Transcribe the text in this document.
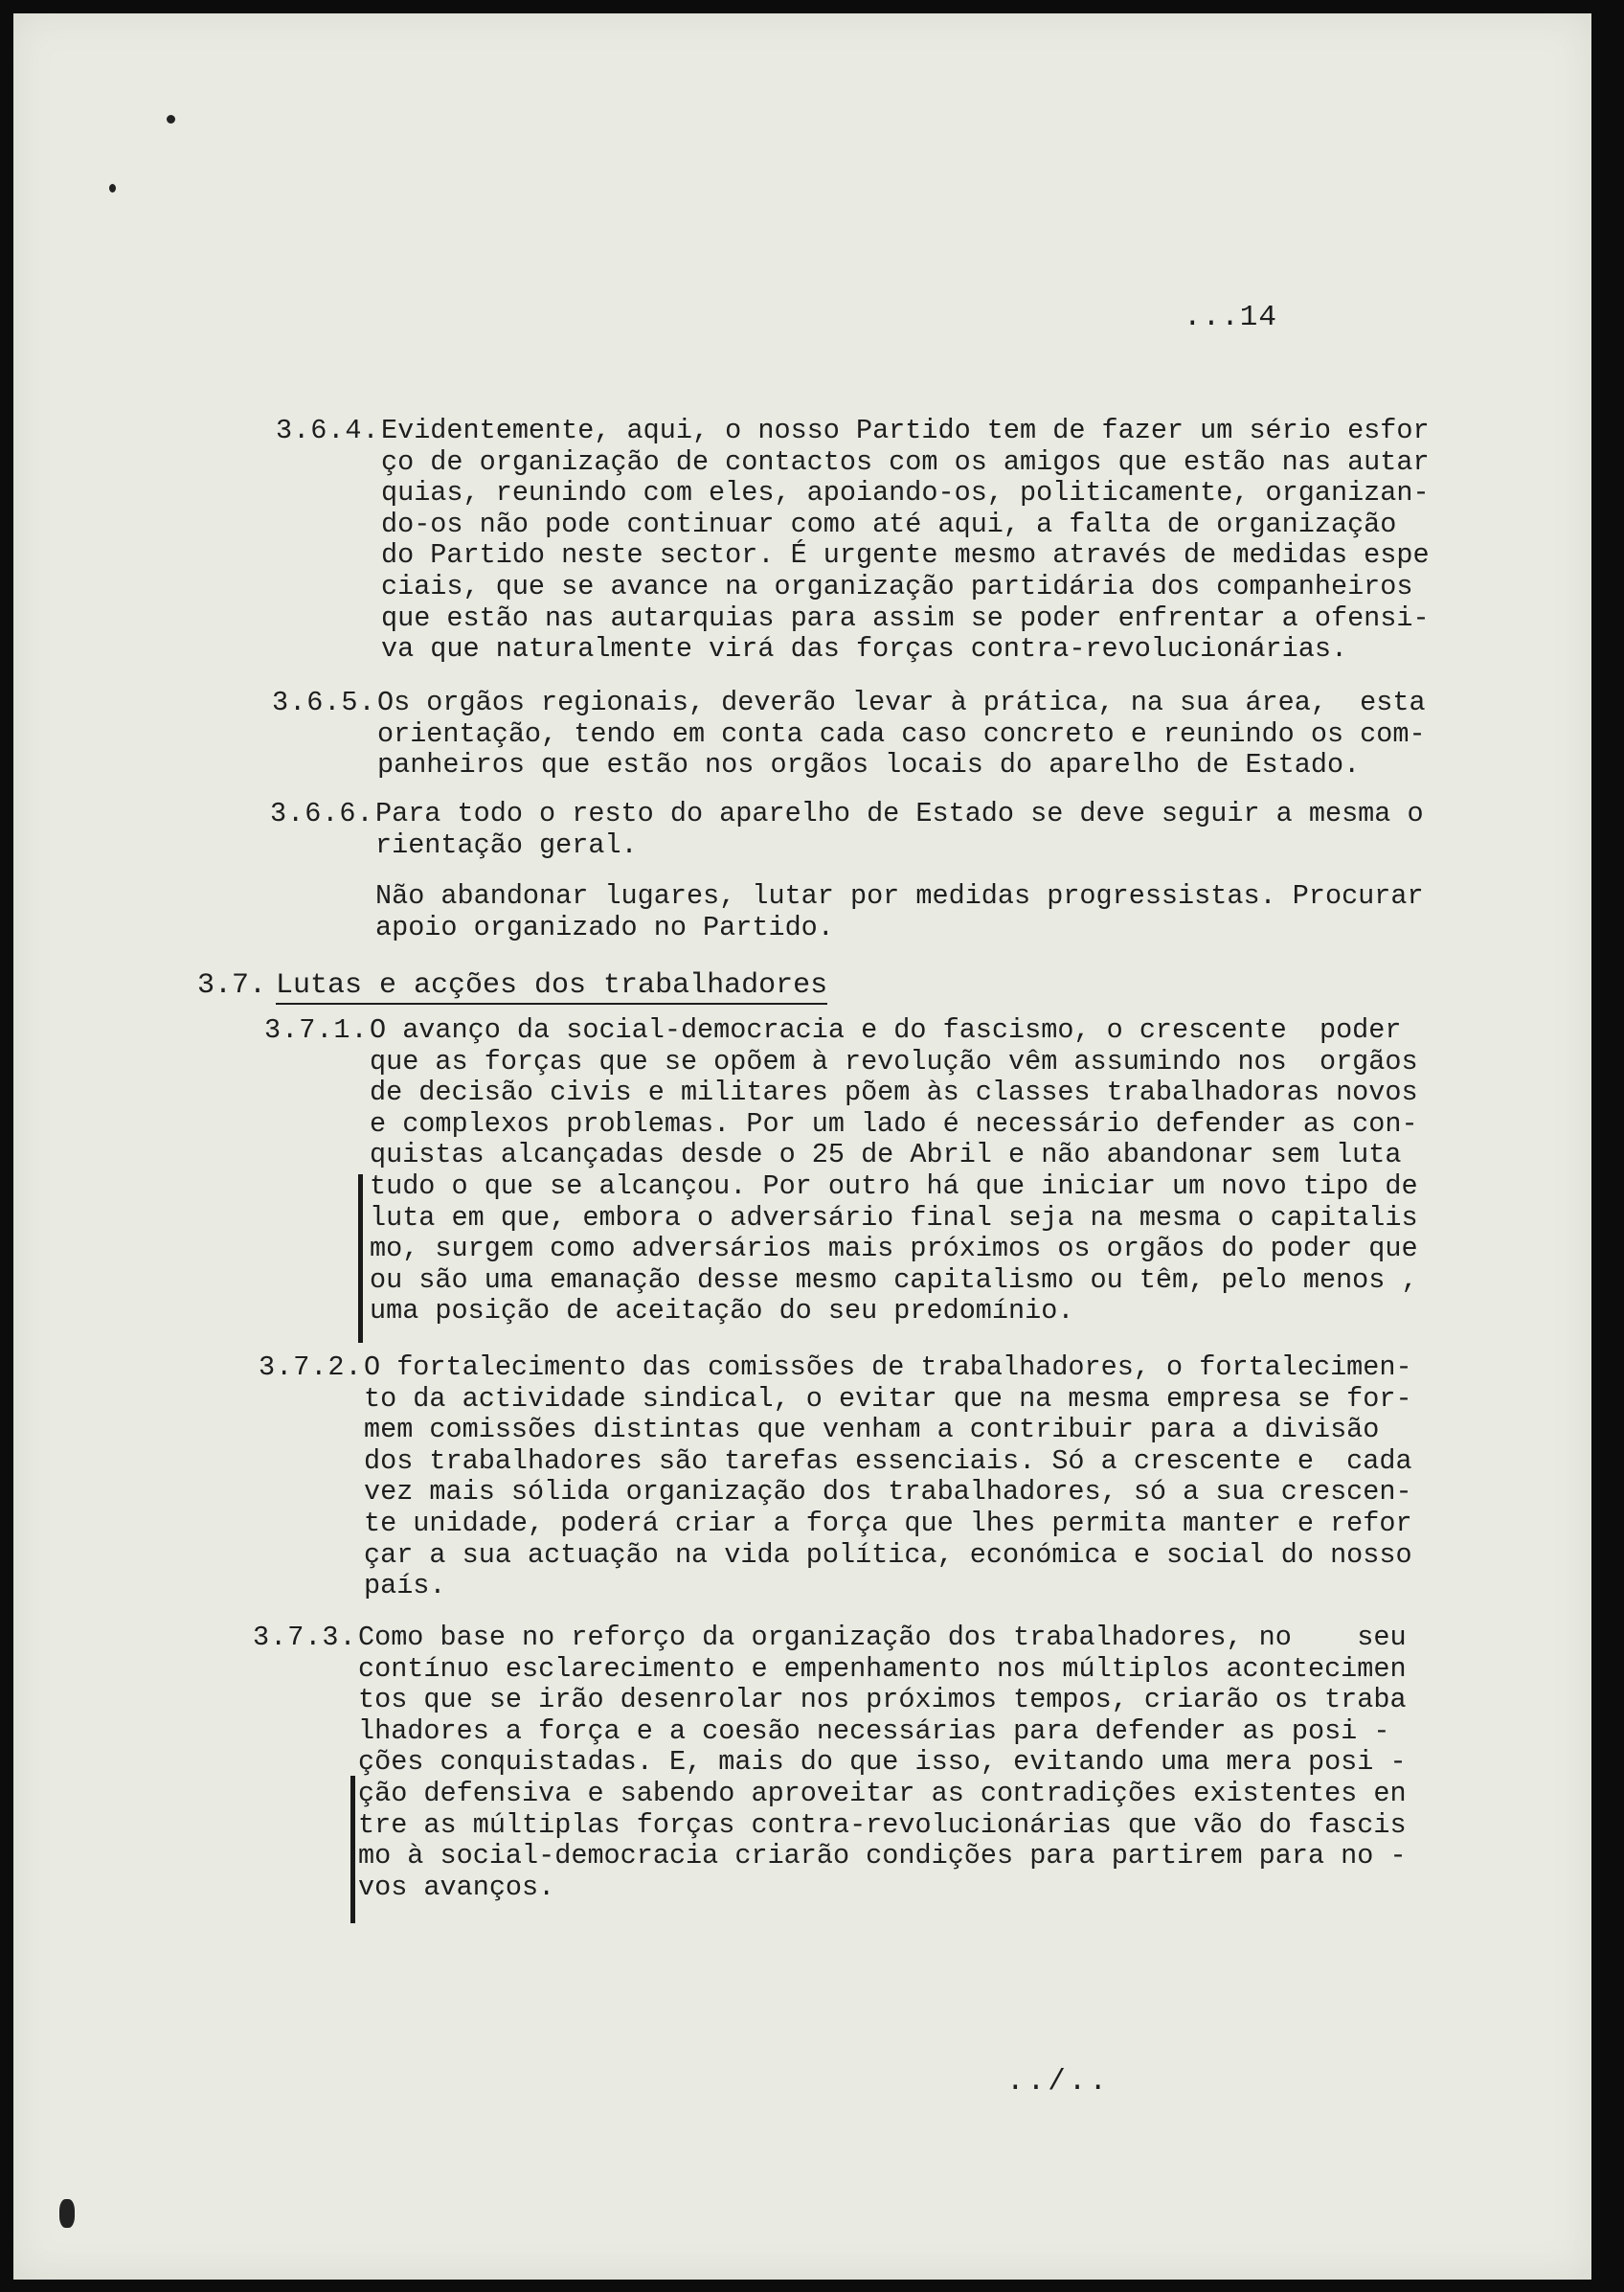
...14
3.6.4. Evidentemente, aqui, o nosso Partido tem de fazer um sério esfor
ço de organização de contactos com os amigos que estão nas autar
quias, reunindo com eles, apoiando-os, politicamente, organizan-
do-os não pode continuar como até aqui, a falta de organização
do Partido neste sector. É urgente mesmo através de medidas espe
ciais, que se avance na organização partidária dos companheiros
que estão nas autarquias para assim se poder enfrentar a ofensi-
va que naturalmente virá das forças contra-revolucionárias.
3.6.5. Os orgãos regionais, deverão levar à prática, na sua área,  esta
orientação, tendo em conta cada caso concreto e reunindo os com-
panheiros que estão nos orgãos locais do aparelho de Estado.
3.6.6. Para todo o resto do aparelho de Estado se deve seguir a mesma o
rientação geral.
Não abandonar lugares, lutar por medidas progressistas. Procurar
apoio organizado no Partido.
3.7. Lutas e acções dos trabalhadores
3.7.1. O avanço da social-democracia e do fascismo, o crescente  poder
que as forças que se opõem à revolução vêm assumindo nos  orgãos
de decisão civis e militares põem às classes trabalhadoras novos
e complexos problemas. Por um lado é necessário defender as con-
quistas alcançadas desde o 25 de Abril e não abandonar sem luta
tudo o que se alcançou. Por outro há que iniciar um novo tipo de
luta em que, embora o adversário final seja na mesma o capitalis
mo, surgem como adversários mais próximos os orgãos do poder que
ou são uma emanação desse mesmo capitalismo ou têm, pelo menos ,
uma posição de aceitação do seu predomínio.
3.7.2. O fortalecimento das comissões de trabalhadores, o fortalecimen-
to da actividade sindical, o evitar que na mesma empresa se for-
mem comissões distintas que venham a contribuir para a divisão
dos trabalhadores são tarefas essenciais. Só a crescente e  cada
vez mais sólida organização dos trabalhadores, só a sua crescen-
te unidade, poderá criar a força que lhes permita manter e refor
çar a sua actuação na vida política, económica e social do nosso
país.
3.7.3. Como base no reforço da organização dos trabalhadores, no    seu
contínuo esclarecimento e empenhamento nos múltiplos acontecimen
tos que se irão desenrolar nos próximos tempos, criarão os traba
lhadores a força e a coesão necessárias para defender as posi -
ções conquistadas. E, mais do que isso, evitando uma mera posi -
ção defensiva e sabendo aproveitar as contradições existentes en
tre as múltiplas forças contra-revolucionárias que vão do fascis
mo à social-democracia criarão condições para partirem para no -
vos avanços.
../..
